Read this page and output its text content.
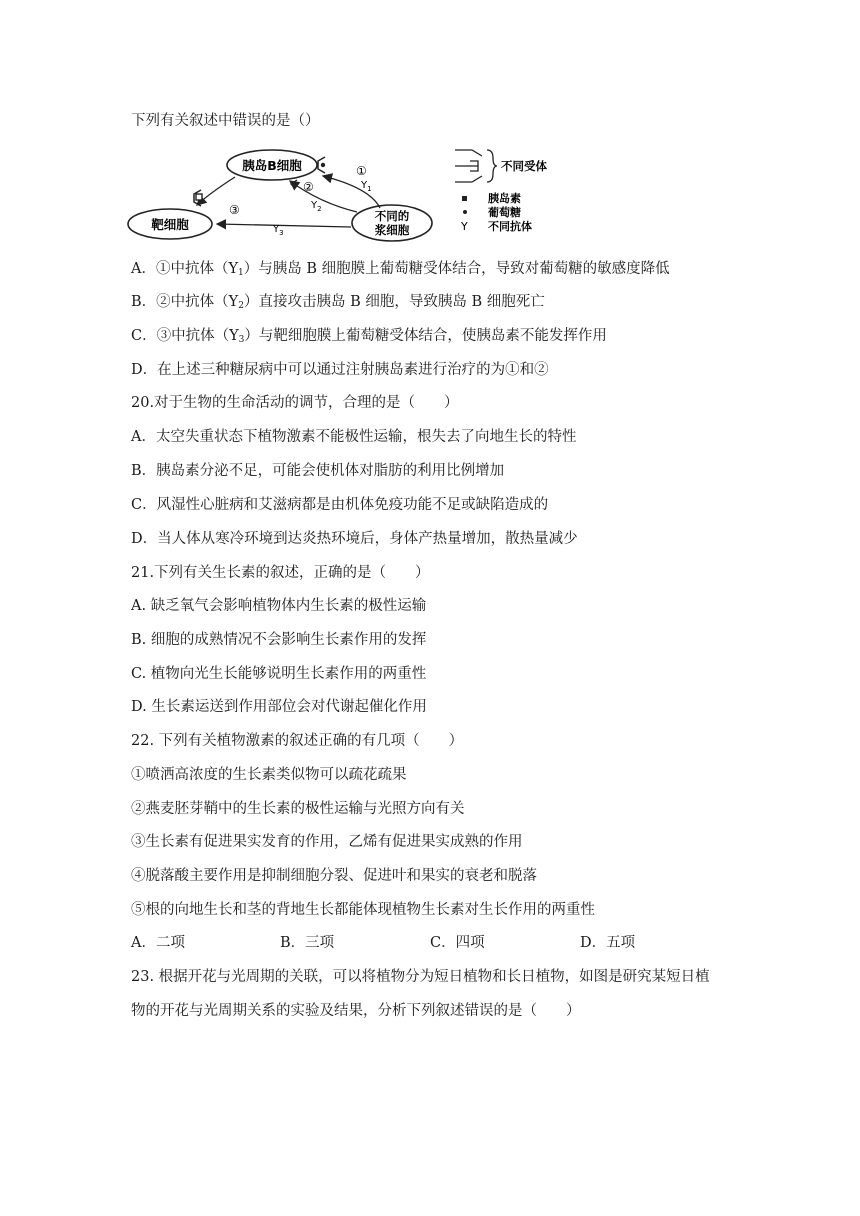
下列有关叙述中错误的是（）
胰岛B细胞
靶细胞
不同的
浆细胞
①
$Y_1$
②
$Y_2$
③
$Y_3$
不同受体
胰岛素
葡萄糖
Y 不同抗体
A．①中抗体$(Y_1)$与胰岛 B 细胞膜上葡萄糖受体结合，导致对葡萄糖的敏感度降低
B．②中抗体$(Y_2)$直接攻击胰岛 B 细胞，导致胰岛 B 细胞死亡
C．③中抗体$(Y_3)$与靶细胞膜上葡萄糖受体结合，使胰岛素不能发挥作用
D．在上述三种糖尿病中可以通过注射胰岛素进行治疗的为①和②
20.对于生物的生命活动的调节，合理的是（　　）
A．太空失重状态下植物激素不能极性运输，根失去了向地生长的特性
B．胰岛素分泌不足，可能会使机体对脂肪的利用比例增加
C．风湿性心脏病和艾滋病都是由机体免疫功能不足或缺陷造成的
D．当人体从寒冷环境到达炎热环境后，身体产热量增加，散热量减少
21.下列有关生长素的叙述，正确的是（　　）
A. 缺乏氧气会影响植物体内生长素的极性运输
B. 细胞的成熟情况不会影响生长素作用的发挥
C. 植物向光生长能够说明生长素作用的两重性
D. 生长素运送到作用部位会对代谢起催化作用
22. 下列有关植物激素的叙述正确的有几项（　　）
①喷洒高浓度的生长素类似物可以疏花疏果
②燕麦胚芽鞘中的生长素的极性运输与光照方向有关
③生长素有促进果实发育的作用，乙烯有促进果实成熟的作用
④脱落酸主要作用是抑制细胞分裂、促进叶和果实的衰老和脱落
⑤根的向地生长和茎的背地生长都能体现植物生长素对生长作用的两重性
A．二项	B．三项	C．四项	D．五项
23. 根据开花与光周期的关联，可以将植物分为短日植物和长日植物，如图是研究某短日植
物的开花与光周期关系的实验及结果，分析下列叙述错误的是（　　）
